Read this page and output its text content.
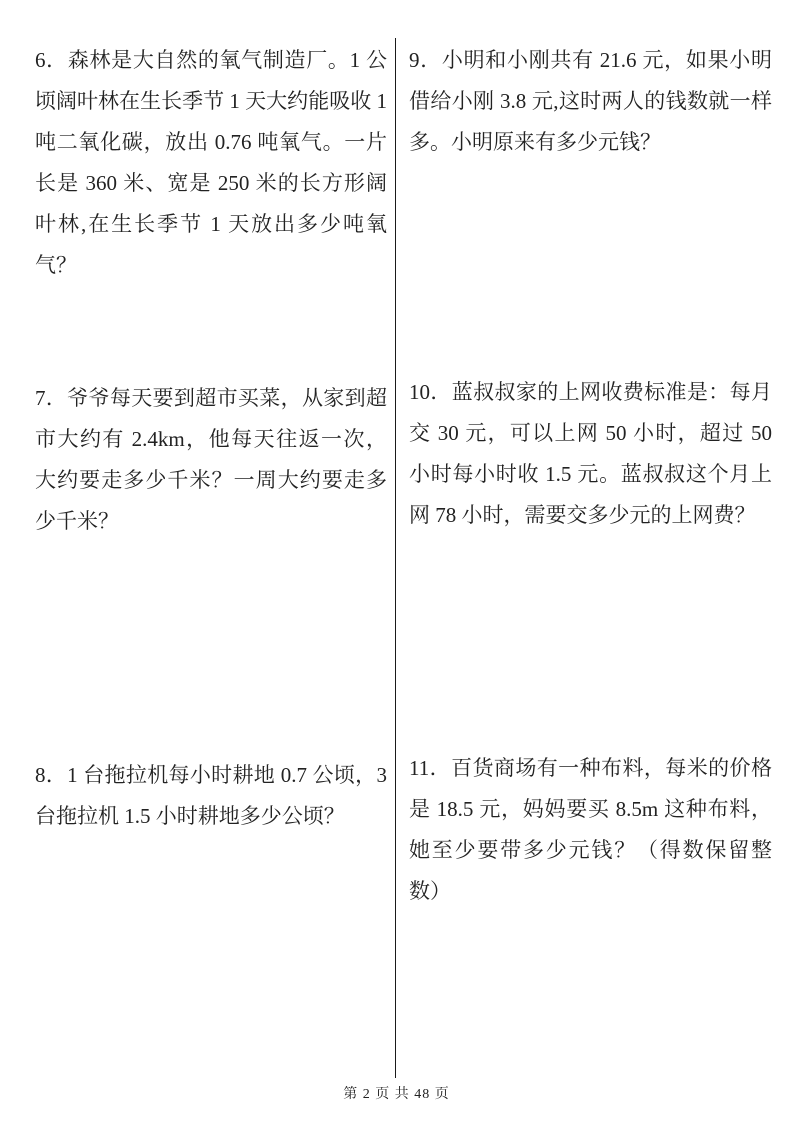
6．森林是大自然的氧气制造厂。1 公顷阔叶林在生长季节 1 天大约能吸收 1 吨二氧化碳，放出 0.76 吨氧气。一片长是 360 米、宽是 250 米的长方形阔叶林,在生长季节 1 天放出多少吨氧气？

7．爷爷每天要到超市买菜，从家到超市大约有 2.4km，他每天往返一次，大约要走多少千米？一周大约要走多少千米？

8．1 台拖拉机每小时耕地 0.7 公顷，3 台拖拉机 1.5 小时耕地多少公顷？

9．小明和小刚共有 21.6 元，如果小明借给小刚 3.8 元,这时两人的钱数就一样多。小明原来有多少元钱？

10．蓝叔叔家的上网收费标准是：每月交 30 元，可以上网 50 小时，超过 50 小时每小时收 1.5 元。蓝叔叔这个月上网 78 小时，需要交多少元的上网费？

11．百货商场有一种布料，每米的价格是 18.5 元，妈妈要买 8.5m 这种布料，她至少要带多少元钱？（得数保留整数）

第 2 页 共 48 页
